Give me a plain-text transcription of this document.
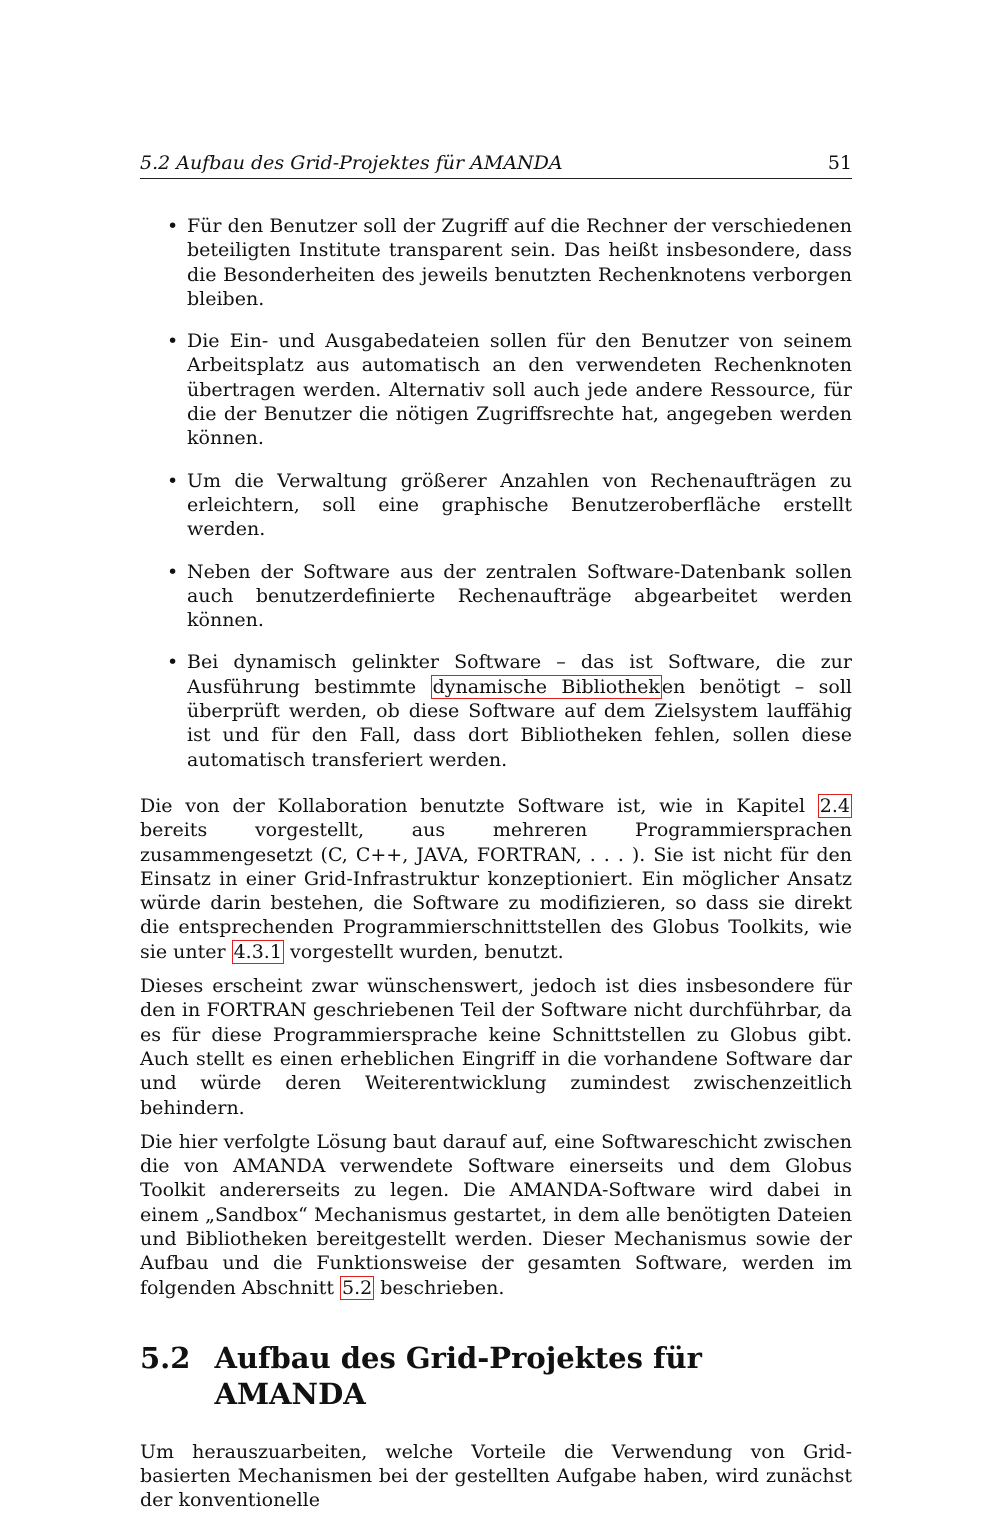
5.2 Aufbau des Grid-Projektes für AMANDA	51
• Für den Benutzer soll der Zugriff auf die Rechner der verschiedenen beteiligten Institute transparent sein. Das heißt insbesondere, dass die Besonderheiten des jeweils benutzten Rechenknotens verborgen bleiben.
• Die Ein- und Ausgabedateien sollen für den Benutzer von seinem Arbeitsplatz aus automatisch an den verwendeten Rechenknoten übertragen werden. Alternativ soll auch jede andere Ressource, für die der Benutzer die nötigen Zugriffsrechte hat, angegeben werden können.
• Um die Verwaltung größerer Anzahlen von Rechenaufträgen zu erleichtern, soll eine graphische Benutzeroberfläche erstellt werden.
• Neben der Software aus der zentralen Software-Datenbank sollen auch benutzerdefinierte Rechenaufträge abgearbeitet werden können.
• Bei dynamisch gelinkter Software – das ist Software, die zur Ausführung bestimmte dynamische Bibliothek en benötigt – soll überprüft werden, ob diese Software auf dem Zielsystem lauffähig ist und für den Fall, dass dort Bibliotheken fehlen, sollen diese automatisch transferiert werden.

Die von der Kollaboration benutzte Software ist, wie in Kapitel 2.4 bereits vorgestellt, aus mehreren Programmiersprachen zusammengesetzt (C, C++, JAVA, FORTRAN, . . . ). Sie ist nicht für den Einsatz in einer Grid-Infrastruktur konzeptioniert. Ein möglicher Ansatz würde darin bestehen, die Software zu modifizieren, so dass sie direkt die entsprechenden Programmierschnittstellen des Globus Toolkits, wie sie unter 4.3.1 vorgestellt wurden, benutzt.

Dieses erscheint zwar wünschenswert, jedoch ist dies insbesondere für den in FORTRAN geschriebenen Teil der Software nicht durchführbar, da es für diese Programmiersprache keine Schnittstellen zu Globus gibt. Auch stellt es einen erheblichen Eingriff in die vorhandene Software dar und würde deren Weiterentwicklung zumindest zwischenzeitlich behindern.

Die hier verfolgte Lösung baut darauf auf, eine Softwareschicht zwischen die von AMANDA verwendete Software einerseits und dem Globus Toolkit andererseits zu legen. Die AMANDA-Software wird dabei in einem „Sandbox“ Mechanismus gestartet, in dem alle benötigten Dateien und Bibliotheken bereitgestellt werden. Dieser Mechanismus sowie der Aufbau und die Funktionsweise der gesamten Software, werden im folgenden Abschnitt 5.2 beschrieben.

5.2 Aufbau des Grid-Projektes für AMANDA

Um herauszuarbeiten, welche Vorteile die Verwendung von Grid-basierten Mechanismen bei der gestellten Aufgabe haben, wird zunächst der konventionelle
